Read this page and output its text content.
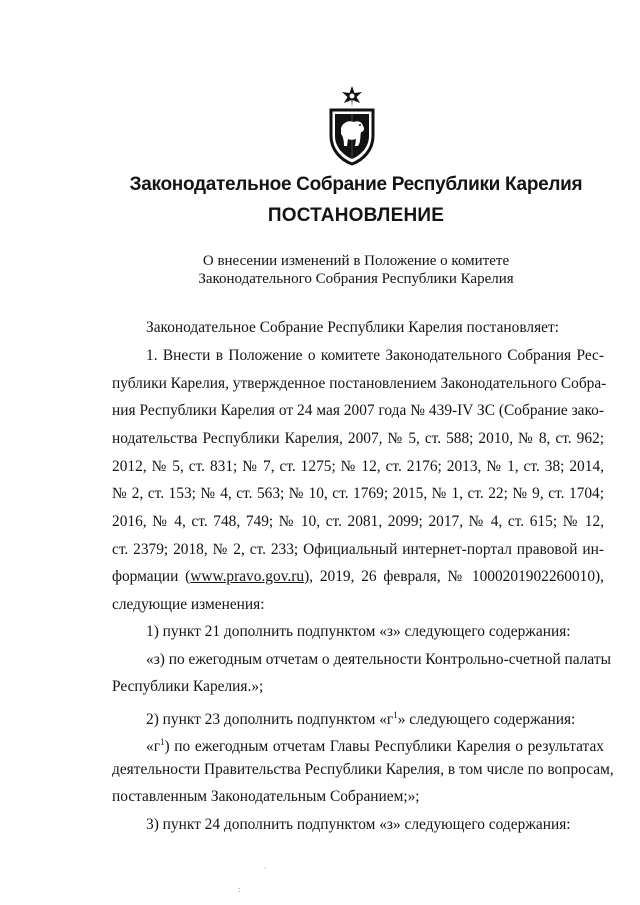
Законодательное Собрание Республики Карелия
ПОСТАНОВЛЕНИЕ
О внесении изменений в Положение о комитете
Законодательного Собрания Республики Карелия
Законодательное Собрание Республики Карелия постановляет:
1. Внести в Положение о комитете Законодательного Собрания Рес-
публики Карелия, утвержденное постановлением Законодательного Собра-
ния Республики Карелия от 24 мая 2007 года № 439-IV ЗС (Собрание зако-
нодательства Республики Карелия, 2007, № 5, ст. 588; 2010, № 8, ст. 962;
2012, № 5, ст. 831; № 7, ст. 1275; № 12, ст. 2176; 2013, № 1, ст. 38; 2014,
№ 2, ст. 153; № 4, ст. 563; № 10, ст. 1769; 2015, № 1, ст. 22; № 9, ст. 1704;
2016, № 4, ст. 748, 749; № 10, ст. 2081, 2099; 2017, № 4, ст. 615; № 12,
ст. 2379; 2018, № 2, ст. 233; Официальный интернет-портал правовой ин-
формации (www.pravo.gov.ru), 2019, 26 февраля, № 1000201902260010),
следующие изменения:
1) пункт 21 дополнить подпунктом «з» следующего содержания:
«з) по ежегодным отчетам о деятельности Контрольно-счетной палаты
Республики Карелия.»;
2) пункт 23 дополнить подпунктом «$г^1$» следующего содержания:
«$г^1$) по ежегодным отчетам Главы Республики Карелия о результатах
деятельности Правительства Республики Карелия, в том числе по вопросам,
поставленным Законодательным Собранием;»;
3) пункт 24 дополнить подпунктом «з» следующего содержания:
·
:
